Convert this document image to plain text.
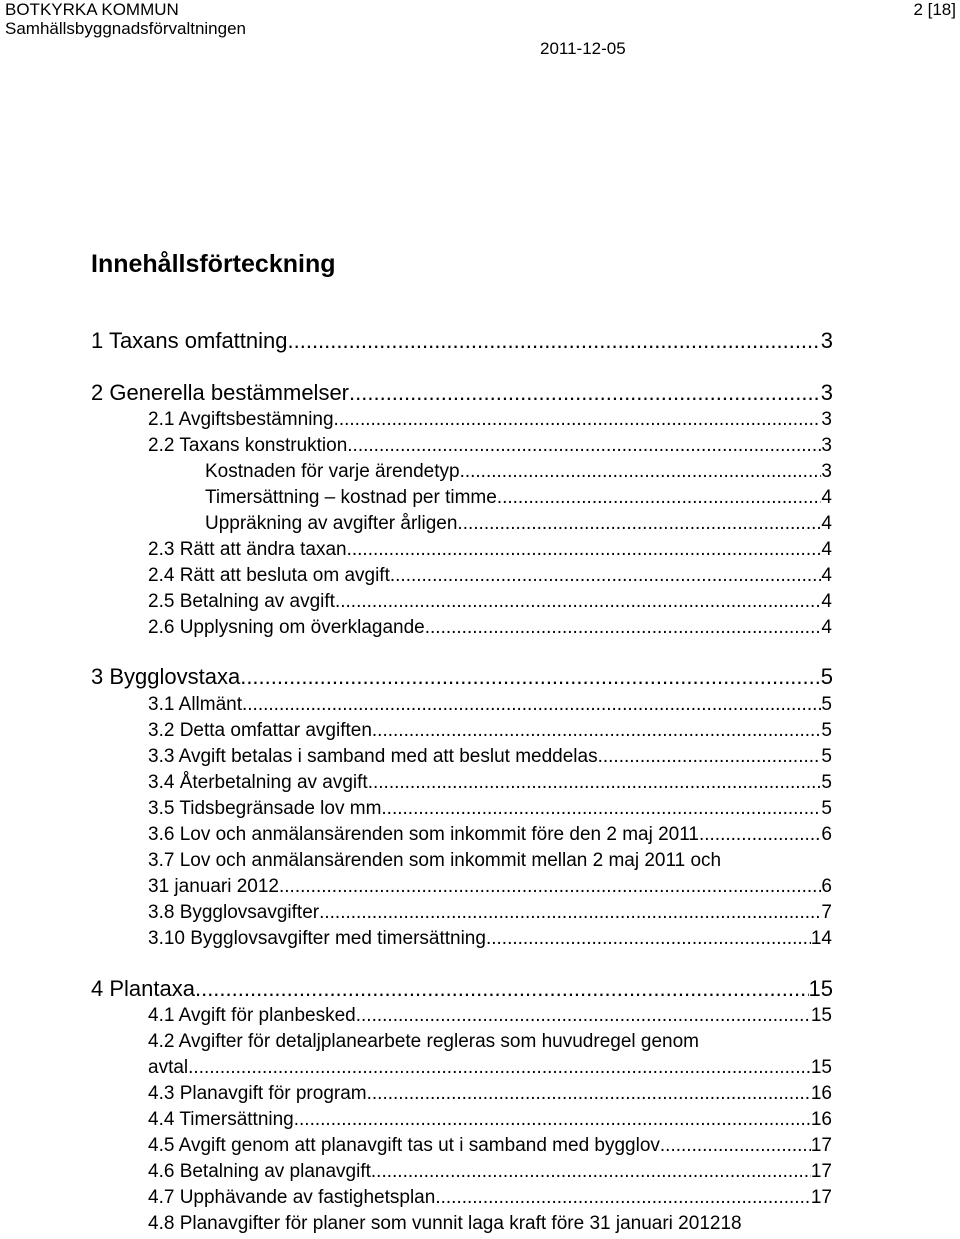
BOTKYRKA KOMMUN
Samhällsbyggnadsförvaltningen
2 [18]
2011-12-05
Innehållsförteckning
1 Taxans omfattning .....	3
2 Generella bestämmelser .....	3
2.1 Avgiftsbestämning .....	3
2.2 Taxans konstruktion .....	3
Kostnaden för varje ärendetyp .....	3
Timersättning – kostnad per timme .....	4
Uppräkning av avgifter årligen .....	4
2.3 Rätt att ändra taxan .....	4
2.4 Rätt att besluta om avgift .....	4
2.5 Betalning av avgift .....	4
2.6 Upplysning om överklagande .....	4
3 Bygglovstaxa .....	5
3.1 Allmänt .....	5
3.2 Detta omfattar avgiften .....	5
3.3 Avgift betalas i samband med att beslut meddelas .....	5
3.4 Återbetalning av avgift .....	5
3.5 Tidsbegränsade lov mm .....	5
3.6 Lov och anmälansärenden som inkommit före den 2 maj 2011 .....	6
3.7 Lov och anmälansärenden som inkommit mellan 2 maj 2011 och
31 januari 2012 .....	6
3.8 Bygglovsavgifter .....	7
3.10 Bygglovsavgifter med timersättning .....	14
4 Plantaxa .....	15
4.1 Avgift för planbesked .....	15
4.2 Avgifter för detaljplanearbete regleras som huvudregel genom
avtal .....	15
4.3 Planavgift för program .....	16
4.4 Timersättning .....	16
4.5 Avgift genom att planavgift tas ut i samband med bygglov .....	17
4.6 Betalning av planavgift .....	17
4.7 Upphävande av fastighetsplan .....	17
4.8 Planavgifter för planer som vunnit laga kraft före 31 januari 2012 18
